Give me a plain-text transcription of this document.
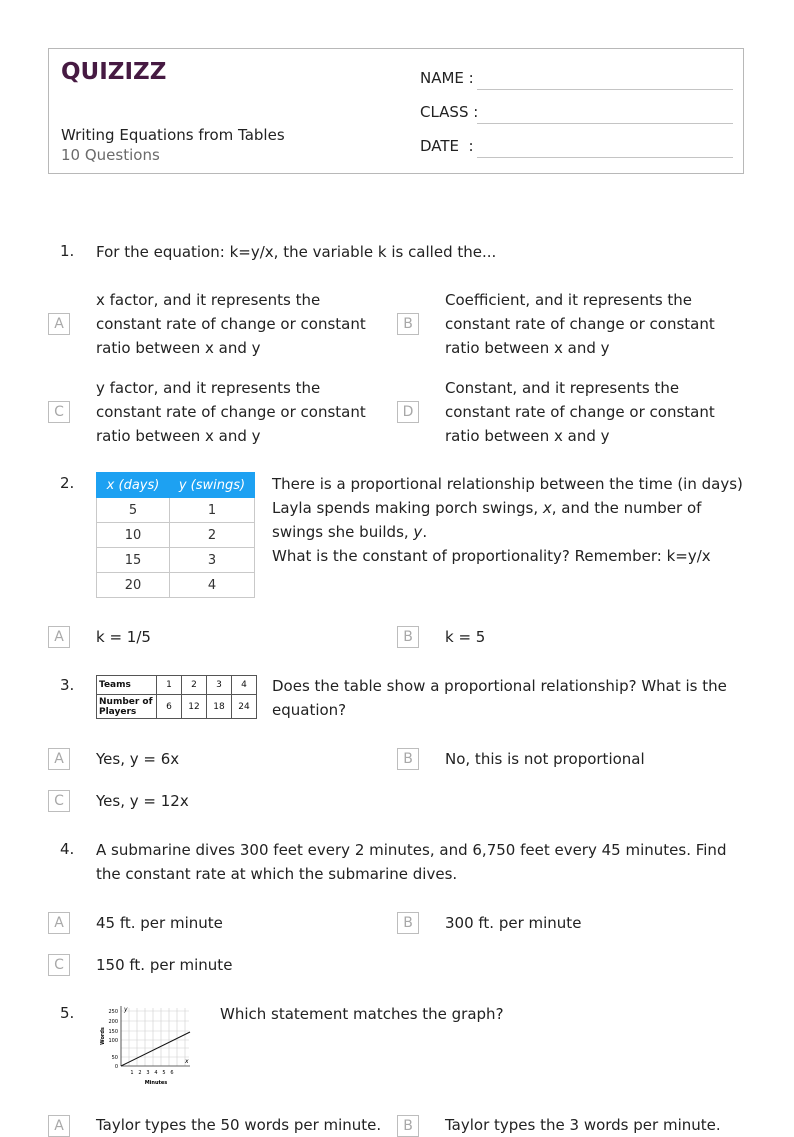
QUIZIZZ
Writing Equations from Tables
10 Questions
NAME :
CLASS :
DATE  :
1. For the equation: k=y/x, the variable k is called the...
A
x factor, and it represents the constant rate of change or constant ratio between x and y
B
Coefficient, and it represents the constant rate of change or constant ratio between x and y
C
y factor, and it represents the constant rate of change or constant ratio between x and y
D
Constant, and it represents the constant rate of change or constant ratio between x and y
2. x (days)	y (swings)
5	1
10	2
15	3
20	4
There is a proportional relationship between the time (in days) Layla spends making porch swings, x, and the number of swings she builds, y.
What is the constant of proportionality? Remember: k=y/x
A	k = 1/5	B	k = 5
3.	Teams	1	2	3	4
Number of
Players	6	12	18	24
Does the table show a proportional relationship? What is the equation?
A	Yes, y = 6x	B	No, this is not proportional
C	Yes, y = 12x
4. A submarine dives 300 feet every 2 minutes, and 6,750 feet every 45 minutes. Find the constant rate at which the submarine dives.
A	45 ft. per minute	B	300 ft. per minute
C	150 ft. per minute
5.	y
x
250
200
150
100
50
0
1 2 3 4 5 6
Minutes
Words
Which statement matches the graph?
A	Taylor types the 50 words per minute.	B	Taylor types the 3 words per minute.
